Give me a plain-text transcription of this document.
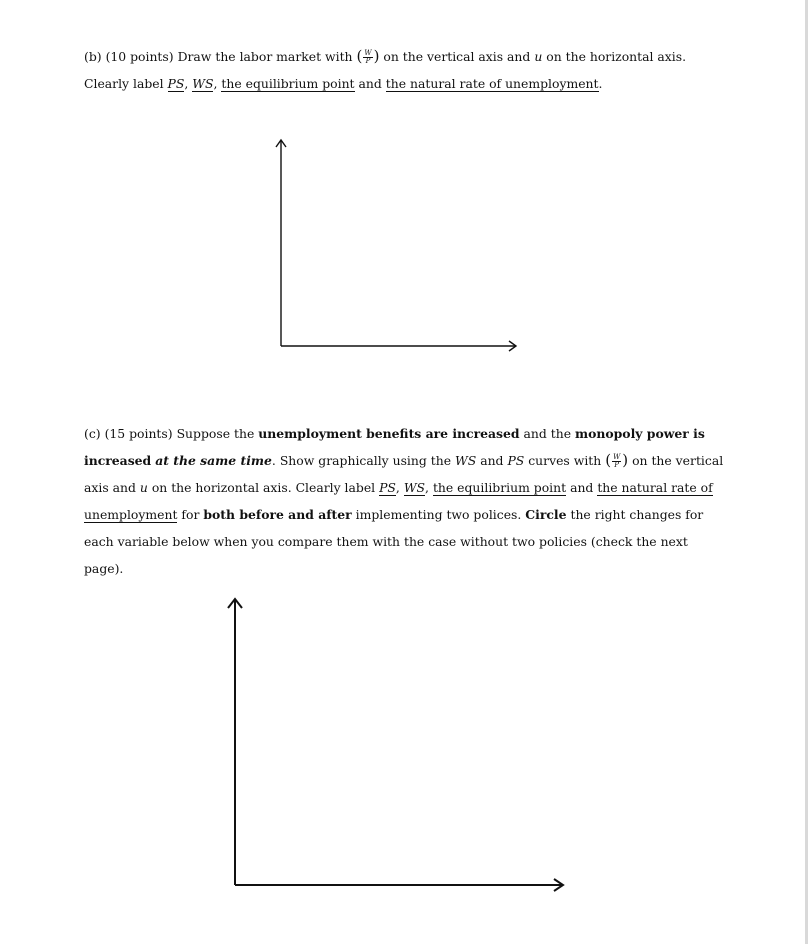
(b) (10 points) Draw the labor market with ( $\frac{W}{P}$ ) on the vertical axis and u on the horizontal axis. Clearly label PS, WS, the equilibrium point and the natural rate of unemployment.

(c) (15 points) Suppose the unemployment benefits are increased and the monopoly power is increased at the same time. Show graphically using the WS and PS curves with ( $\frac{W}{P}$ ) on the vertical axis and u on the horizontal axis. Clearly label PS, WS, the equilibrium point and the natural rate of unemployment for both before and after implementing two polices. Circle the right changes for each variable below when you compare them with the case without two policies (check the next page).
